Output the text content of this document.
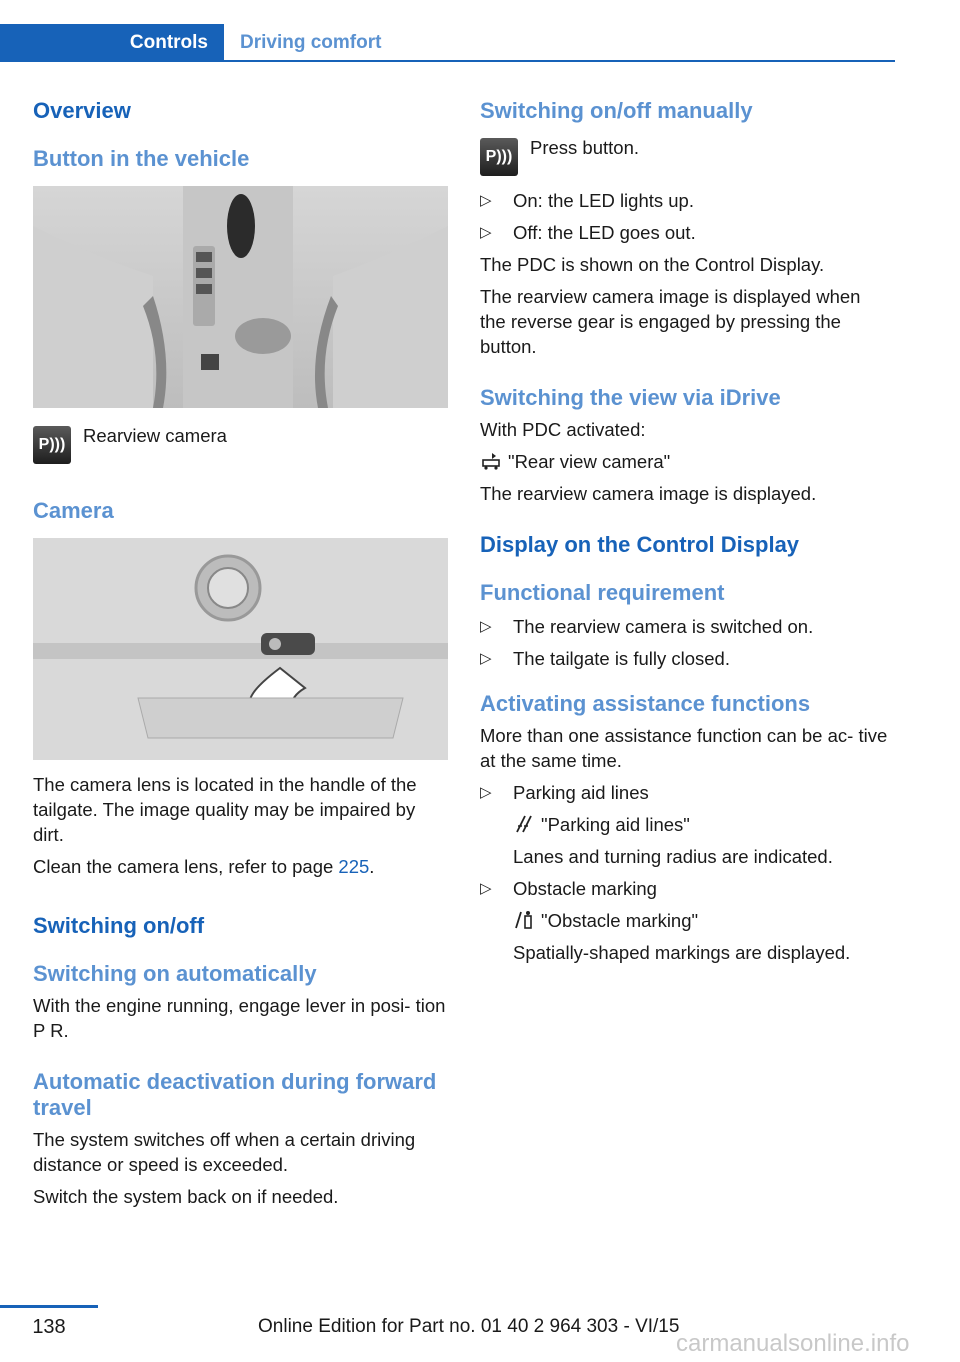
Controls Driving comfort
Overview
Button in the vehicle
P))) Rearview camera
Camera

The camera lens is located in the handle of the tailgate. The image quality may be impaired by dirt.

Clean the camera lens, refer to page 225.

Switching on/off
Switching on automatically

With the engine running, engage lever in posi‐ tion P R.

Automatic deactivation during forward travel

The system switches off when a certain driving distance or speed is exceeded.

Switch the system back on if needed.

Switching on/off manually
P))) Press button.
▷ On: the LED lights up.
▷ Off: the LED goes out.

The PDC is shown on the Control Display.

The rearview camera image is displayed when the reverse gear is engaged by pressing the button.

Switching the view via iDrive

With PDC activated:

"Rear view camera"

The rearview camera image is displayed.

Display on the Control Display
Functional requirement
▷ The rearview camera is switched on.
▷ The tailgate is fully closed.
Activating assistance functions

More than one assistance function can be ac‐ tive at the same time.

▷ Parking aid lines
"Parking aid lines"
Lanes and turning radius are indicated.
▷ Obstacle marking
"Obstacle marking"
Spatially-shaped markings are displayed.
138	Online Edition for Part no. 01 40 2 964 303 - VI/15
carmanualsonline.info
